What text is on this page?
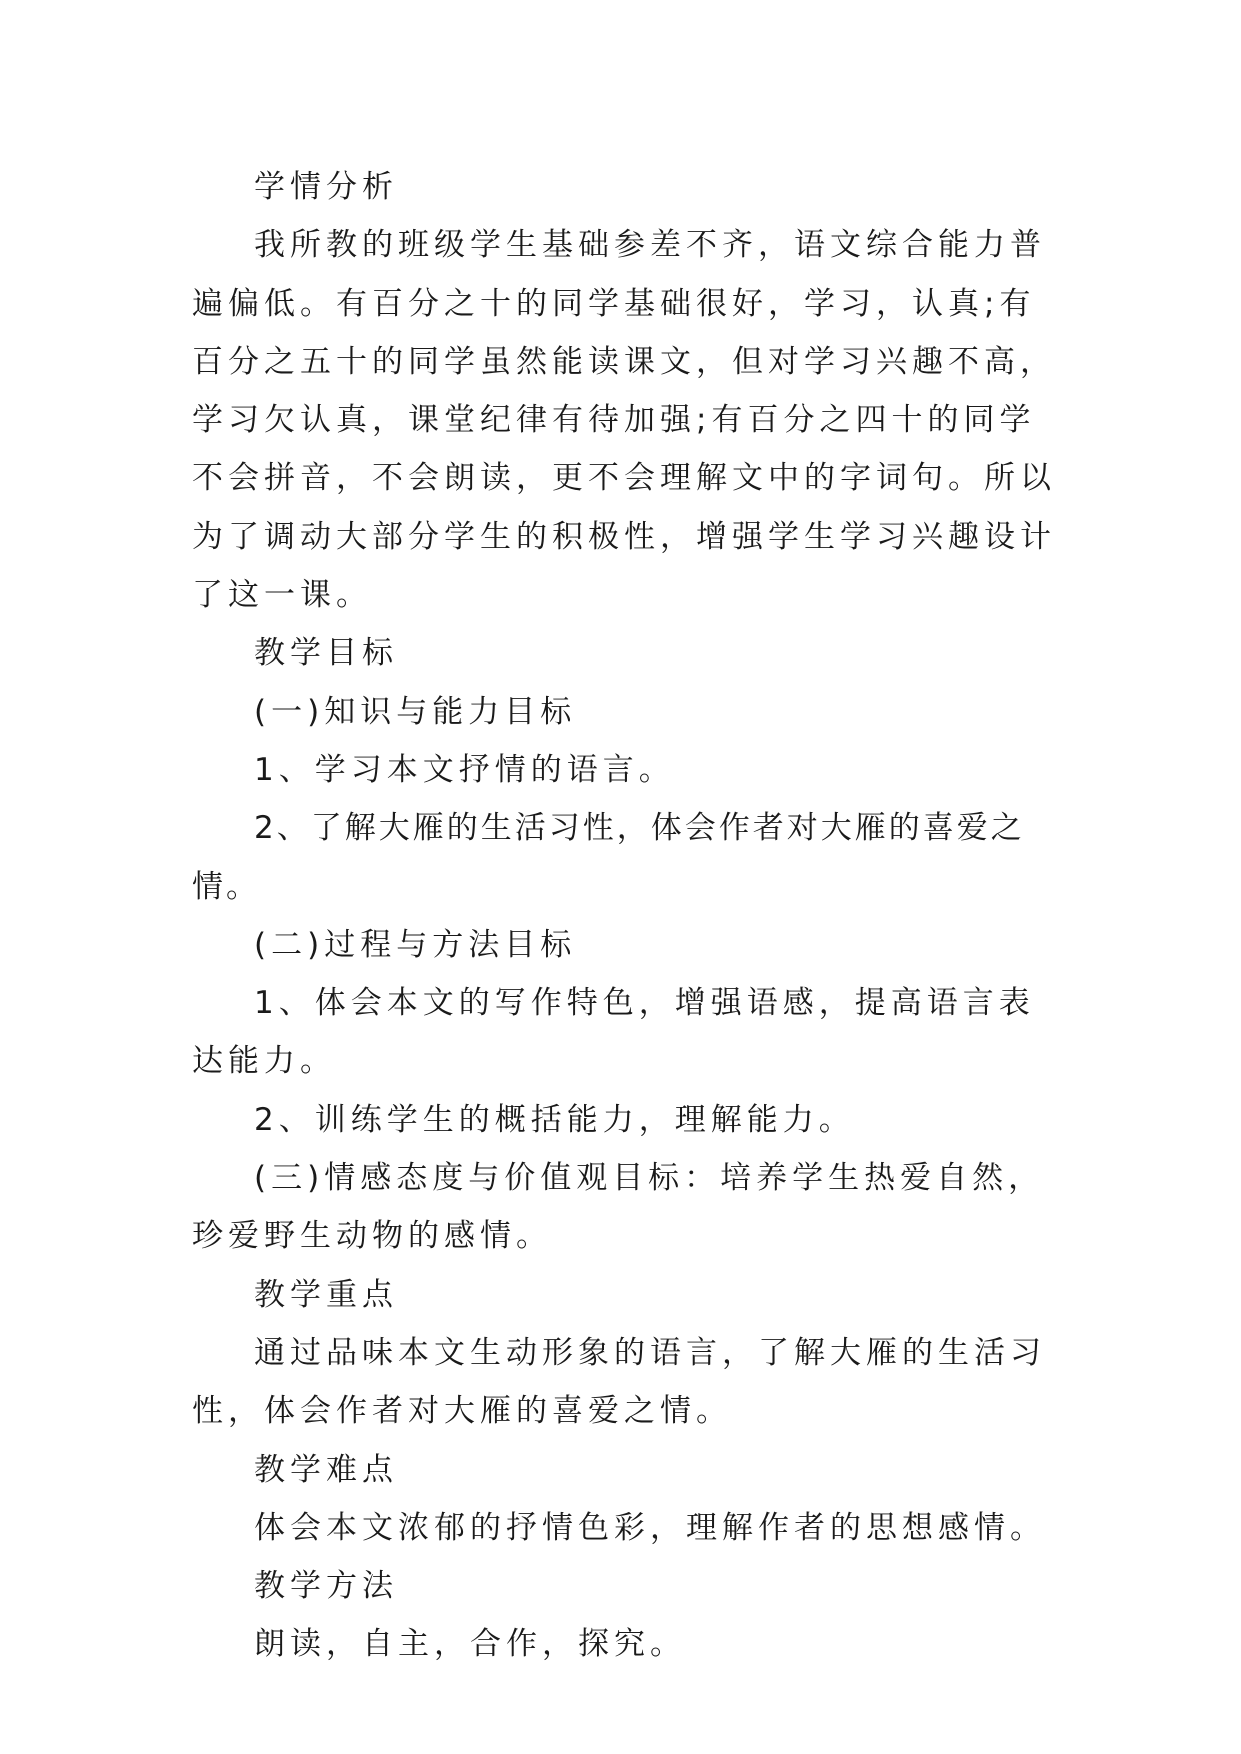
学情分析

我所教的班级学生基础参差不齐，语文综合能力普遍偏低。有百分之十的同学基础很好，学习，认真;有百分之五十的同学虽然能读课文，但对学习兴趣不高，学习欠认真，课堂纪律有待加强;有百分之四十的同学不会拼音，不会朗读，更不会理解文中的字词句。所以为了调动大部分学生的积极性，增强学生学习兴趣设计了这一课。

教学目标

(一)知识与能力目标

1、学习本文抒情的语言。

2、了解大雁的生活习性，体会作者对大雁的喜爱之情。

(二)过程与方法目标

1、体会本文的写作特色，增强语感，提高语言表达能力。

2、训练学生的概括能力，理解能力。

(三)情感态度与价值观目标：培养学生热爱自然，珍爱野生动物的感情。

教学重点

通过品味本文生动形象的语言，了解大雁的生活习性，体会作者对大雁的喜爱之情。

教学难点

体会本文浓郁的抒情色彩，理解作者的思想感情。

教学方法

朗读，自主，合作，探究。
